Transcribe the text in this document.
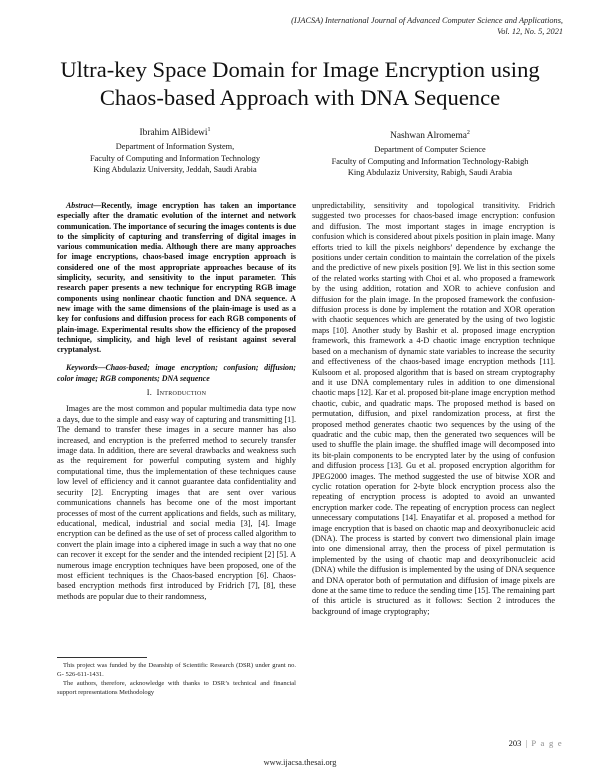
(IJACSA) International Journal of Advanced Computer Science and Applications,
Vol. 12, No. 5, 2021
Ultra-key Space Domain for Image Encryption using
Chaos-based Approach with DNA Sequence
Ibrahim AlBidewi$^1$
Department of Information System,
Faculty of Computing and Information Technology
King Abdulaziz University, Jeddah, Saudi Arabia
Nashwan Alromema$^2$
Department of Computer Science
Faculty of Computing and Information Technology-Rabigh
King Abdulaziz University, Rabigh, Saudi Arabia

Abstract—Recently, image encryption has taken an importance especially after the dramatic evolution of the internet and network communication. The importance of securing the images contents is due to the simplicity of capturing and transferring of digital images in various communication media. Although there are many approaches for image encryptions, chaos-based image encryption approach is considered one of the most appropriate approaches because of its simplicity, security, and sensitivity to the input parameter. This research paper presents a new technique for encrypting RGB image components using nonlinear chaotic function and DNA sequence. A new image with the same dimensions of the plain-image is used as a key for confusions and diffusion process for each RGB components of plain-image. Experimental results show the efficiency of the proposed technique, simplicity, and high level of resistant against several cryptanalyst.

Keywords—Chaos-based; image encryption; confusion; diffusion; color image; RGB components; DNA sequence

I.  Introduction

Images are the most common and popular multimedia data type now a days, due to the simple and easy way of capturing and transmitting [1]. The demand to transfer these images in a secure manner has also increased, and encryption is the preferred method to securely transfer image data. In addition, there are several drawbacks and weakness such as the requirement for powerful computing system and highly computational time, thus the implementation of these techniques cause low level of efficiency and it cannot guarantee data confidentiality and security [2]. Encrypting images that are sent over various communications channels has become one of the most important processes of most of the current applications and fields, such as military, educational, medical, industrial and social media [3], [4]. Image encryption can be defined as the use of set of process called algorithm to convert the plain image into a ciphered image in such a way that no one can recover it except for the sender and the intended recipient [2] [5]. A numerous image encryption techniques have been proposed, one of the most efficient techniques is the Chaos-based encryption [6]. Chaos-based encryption methods first introduced by Fridrich [7], [8], these methods are popular due to their randomness,

unpredictability, sensitivity and topological transitivity. Fridrich suggested two processes for chaos-based image encryption: confusion and diffusion. The most important stages in image encryption is confusion which is considered about pixels position in plain image. Many efforts tried to kill the pixels neighbors’ dependence by exchange the positions under certain condition to maintain the correlation of the pixels and the predictive of new pixels position [9]. We list in this section some of the related works starting with Choi et al. who proposed a framework by the using addition, rotation and XOR to achieve confusion and diffusion for the plain image. In the proposed framework the confusion-diffusion process is done by implement the rotation and XOR operation with chaotic sequences which are generated by the using of two logistic maps [10]. Another study by Bashir et al. proposed image encryption framework, this framework a 4-D chaotic image encryption technique based on a mechanism of dynamic state variables to increase the security and effectiveness of the chaos-based image encryption methods [11]. Kulsoom et al. proposed algorithm that is based on stream cryptography and it use DNA complementary rules in addition to one dimensional chaotic maps [12]. Kar et al. proposed bit-plane image encryption method chaotic, cubic, and quadratic maps. The proposed method is based on permutation, diffusion, and pixel randomization process, at first the proposed method generates chaotic two sequences by the using of the quadratic and the cubic map, then the generated two sequences will be used to shuffle the plain image. the shuffled image will decomposed into its bit-plain components to be encrypted later by the using of confusion and diffusion process [13]. Gu et al. proposed encryption algorithm for JPEG2000 images. The method suggested the use of bitwise XOR and cyclic rotation operation for 2-byte block encryption process also the repeating of encryption process is adopted to avoid an unwanted encryption marker code. The repeating of encryption process can neglect unnecessary computations [14]. Enayatifar et al. proposed a method for image encryption that is based on chaotic map and deoxyribonucleic acid (DNA). The process is started by convert two dimensional plain image into one dimensional array, then the process of pixel permutation is implemented by the using of chaotic map and deoxyribonucleic acid (DNA) while the diffusion is implemented by the using of DNA sequence and DNA operator both of permutation and diffusion of image pixels are done at the same time to reduce the sending time [15]. The remaining part of this article is structured as it follows: Section 2 introduces the background of image cryptography;

This project was funded by the Deanship of Scientific Research (DSR) under grant no. G- 526-611-1431.

The authors, therefore, acknowledge with thanks to DSR’s technical and financial support representations Methodology

203 | P a g e
www.ijacsa.thesai.org
